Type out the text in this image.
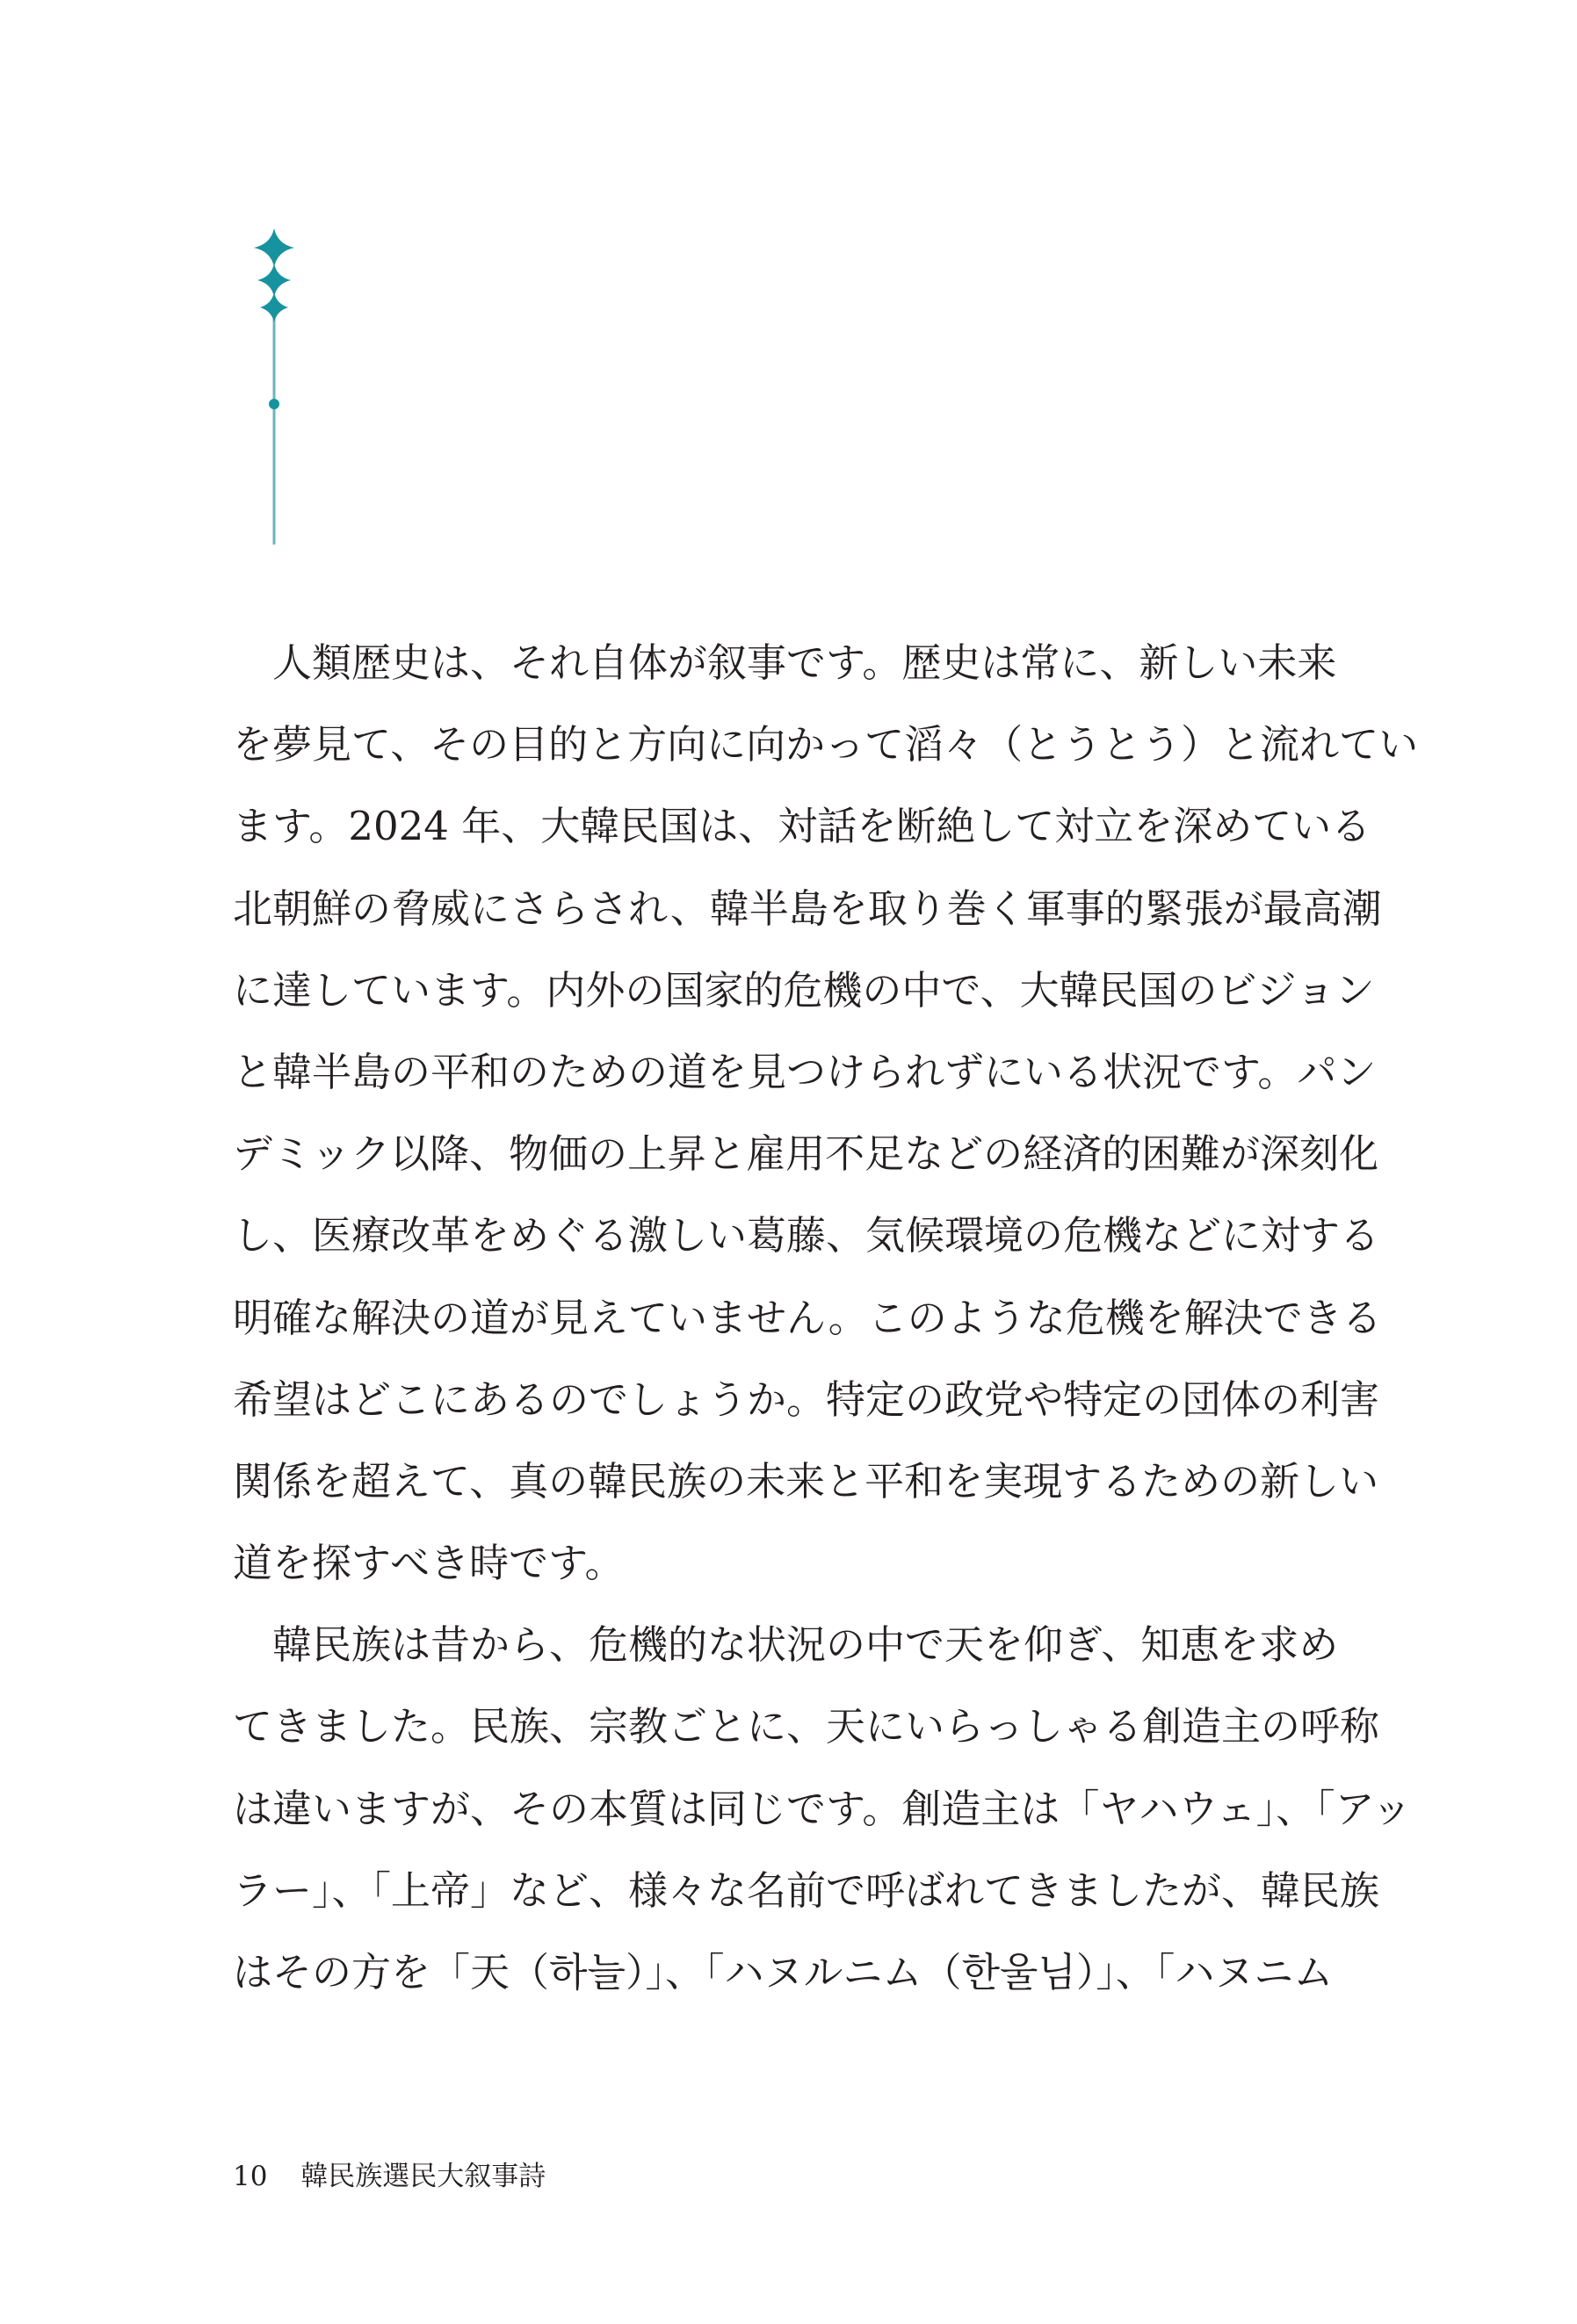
　人類歴史は、それ自体が叙事です。歴史は常に、新しい未来
を夢見て、その目的と方向に向かって滔々（とうとう）と流れてい
ます。2024 年、大韓民国は、対話を断絶して対立を深めている
北朝鮮の脅威にさらされ、韓半島を取り巻く軍事的緊張が最高潮
に達しています。内外の国家的危機の中で、大韓民国のビジョン
と韓半島の平和のための道を見つけられずにいる状況です。パン
デミック以降、物価の上昇と雇用不足などの経済的困難が深刻化
し、医療改革をめぐる激しい葛藤、気候環境の危機などに対する
明確な解決の道が見えていません。このような危機を解決できる
希望はどこにあるのでしょうか。特定の政党や特定の団体の利害
関係を超えて、真の韓民族の未来と平和を実現するための新しい
道を探すべき時です。
　韓民族は昔から、危機的な状況の中で天を仰ぎ、知恵を求め
てきました。民族、宗教ごとに、天にいらっしゃる創造主の呼称
は違いますが、その本質は同じです。創造主は「ヤハウェ」、「アッ
ラー」、「上帝」など、様々な名前で呼ばれてきましたが、韓民族
はその方を「天（하늘）」、「ハヌルニム（한울님）」、「ハヌニム
10 韓民族選民大叙事詩
